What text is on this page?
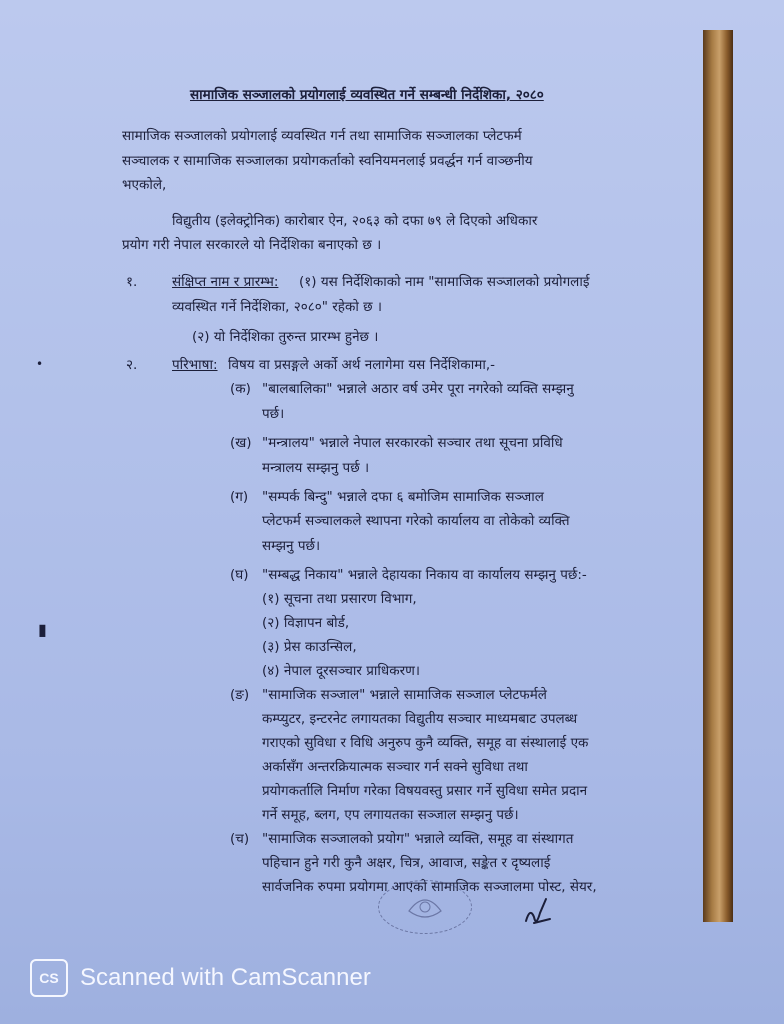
सामाजिक सञ्जालको प्रयोगलाई व्यवस्थित गर्ने सम्बन्धी निर्देशिका, २०८०
सामाजिक सञ्जालको प्रयोगलाई व्यवस्थित गर्न तथा सामाजिक सञ्जालका प्लेटफर्म
सञ्चालक र सामाजिक सञ्जालका प्रयोगकर्ताको स्वनियमनलाई प्रवर्द्धन गर्न वाञ्छनीय
भएकोले,
विद्युतीय (इलेक्ट्रोनिक) कारोबार ऐन, २०६३ को दफा ७९ ले दिएको अधिकार
प्रयोग गरी नेपाल सरकारले यो निर्देशिका बनाएको छ ।
१.	संक्षिप्त नाम र प्रारम्भ: (१) यस निर्देशिकाको नाम "सामाजिक सञ्जालको प्रयोगलाई
व्यवस्थित गर्ने निर्देशिका, २०८०" रहेको छ ।
(२) यो निर्देशिका तुरुन्त प्रारम्भ हुनेछ ।
•	२.	परिभाषा: विषय वा प्रसङ्गले अर्को अर्थ नलागेमा यस निर्देशिकामा,-
(क) "बालबालिका" भन्नाले अठार वर्ष उमेर पूरा नगरेको व्यक्ति सम्झनु
पर्छ।
(ख) "मन्त्रालय" भन्नाले नेपाल सरकारको सञ्चार तथा सूचना प्रविधि
मन्त्रालय सम्झनु पर्छ ।
(ग) "सम्पर्क बिन्दु" भन्नाले दफा ६ बमोजिम सामाजिक सञ्जाल
प्लेटफर्म सञ्चालकले स्थापना गरेको कार्यालय वा तोकेको व्यक्ति
सम्झनु पर्छ।
(घ) "सम्बद्ध निकाय" भन्नाले देहायका निकाय वा कार्यालय सम्झनु पर्छ:-
(१) सूचना तथा प्रसारण विभाग,
(२) विज्ञापन बोर्ड,
(३) प्रेस काउन्सिल,
(४) नेपाल दूरसञ्चार प्राधिकरण।
▮
(ङ) "सामाजिक सञ्जाल" भन्नाले सामाजिक सञ्जाल प्लेटफर्मले
कम्प्युटर, इन्टरनेट लगायतका विद्युतीय सञ्चार माध्यमबाट उपलब्ध
गराएको सुविधा र विधि अनुरुप कुनै व्यक्ति, समूह वा संस्थालाई एक
अर्कासँग अन्तरक्रियात्मक सञ्चार गर्न सक्ने सुविधा तथा
प्रयोगकर्तालि निर्माण गरेका विषयवस्तु प्रसार गर्ने सुविधा समेत प्रदान
गर्ने समूह, ब्लग, एप लगायतका सञ्जाल सम्झनु पर्छ।
(च) "सामाजिक सञ्जालको प्रयोग" भन्नाले व्यक्ति, समूह वा संस्थागत
पहिचान हुने गरी कुनै अक्षर, चित्र, आवाज, सङ्केत र दृष्यलाई
सार्वजनिक रुपमा प्रयोगमा आएको सामाजिक सञ्जालमा पोस्ट, सेयर,
CS Scanned with CamScanner
